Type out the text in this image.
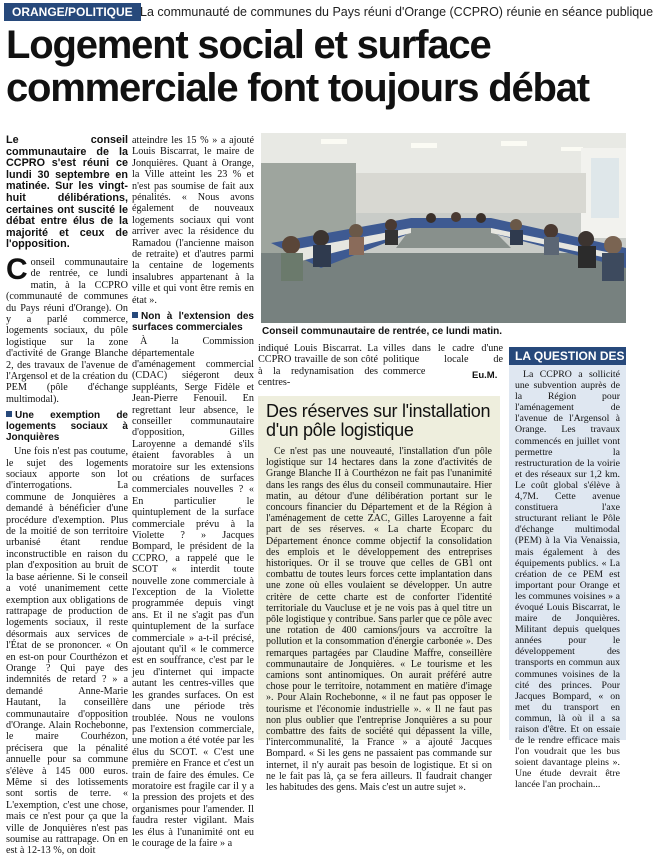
ORANGE/POLITIQUE La communauté de communes du Pays réuni d'Orange (CCPRO) réunie en séance publique
Logement social et surface
commerciale font toujours débat

Le conseil communautaire de la CCPRO s'est réuni ce lundi 30 septembre en matinée. Sur les vingt-huit délibérations, certaines ont suscité le débat entre élus de la majorité et ceux de l'opposition.

Conseil communautaire de rentrée, ce lundi matin, à la CCPRO (communauté de communes du Pays réuni d'Orange). On y a parlé commerce, logements sociaux, du pôle logistique sur la zone d'activité de Grange Blanche 2, des travaux de l'avenue de l'Argensol et de la création du PEM (pôle d'échange multimodal).

Une exemption de logements sociaux à Jonquières

Une fois n'est pas coutume, le sujet des logements sociaux apporte son lot d'interrogations. La commune de Jonquières a demandé à bénéficier d'une procédure d'exemption. Plus de la moitié de son territoire urbanisé étant rendue inconstructible en raison du plan d'exposition au bruit de la base aérienne. Si le conseil a voté unanimement cette exemption aux obligations de rattrapage de production de logements sociaux, il reste désormais aux services de l'État de se prononcer. « On en est-on pour Courthézon et Orange ? Qui paye des indemnités de retard ? » a demandé Anne-Marie Hautant, la conseillère communautaire d'opposition d'Orange. Alain Rochebonne, le maire Courhézon, précisera que la pénalité annuelle pour sa commune s'élève à 145 000 euros. Même si des lotissements sont sortis de terre. « L'exemption, c'est une chose, mais ce n'est pour ça que la ville de Jonquières n'est pas soumise au rattrapage. On en est à 12-13 %, on doit

atteindre les 15 % » a ajouté Louis Biscarrat, le maire de Jonquières. Quant à Orange, la Ville atteint les 23 % et n'est pas soumise de fait aux pénalités. « Nous avons également de nouveaux logements sociaux qui vont arriver avec la résidence du Ramadou (l'ancienne maison de retraite) et d'autres parmi la centaine de logements insalubres appartenant à la ville et qui vont être remis en état ».

Non à l'extension des surfaces commerciales

À la Commission départementale d'aménagement commercial (CDAC) siégeront deux suppléants, Serge Fidèle et Jean-Pierre Fenouil. En regrettant leur absence, le conseiller communautaire d'opposition, Gilles Laroyenne a demandé s'ils étaient favorables à un moratoire sur les extensions ou créations de surfaces commerciales nouvelles ? « En particulier le quintuplement de la surface commerciale prévu à la Violette ? » Jacques Bompard, le président de la CCPRO, a rappelé que le SCOT « interdit toute nouvelle zone commerciale à l'exception de la Violette programmée depuis vingt ans. Et il ne s'agit pas d'un quintuplement de la surface commerciale » a-t-il précisé, ajoutant qu'il « le commerce est en souffrance, c'est par le jeu d'internet qui impacte autant les centres-villes que les grandes surfaces. On est dans une période très troublée. Nous ne voulons pas l'extension commerciale, une motion a été votée par les élus du SCOT. « C'est une première en France et c'est un train de faire des émules. Ce moratoire est fragile car il y a la pression des projets et des organismes pour l'amender. Il faudra rester vigilant. Mais les élus à l'unanimité ont eu le courage de la faire » a

Conseil communautaire de rentrée, ce lundi matin.

indiqué Louis Biscarrat. La CCPRO travaille de son côté à la redynamisation des centres-

villes dans le cadre d'une politique locale de commerce	Eu.M.
Des réserves sur l'installation d'un pôle logistique

Ce n'est pas une nouveauté, l'installation d'un pôle logistique sur 14 hectares dans la zone d'activités de Grange Blanche II à Courthézon ne fait pas l'unanimité dans les rangs des élus du conseil communautaire. Hier matin, au détour d'une délibération portant sur le concours financier du Département et de la Région à l'aménagement de cette ZAC, Gilles Laroyenne a fait part de ses réserves. « La charte Ecoparc du Département énonce comme objectif la consolidation des emplois et le développement des entreprises historiques. Or il se trouve que celles de GB1 ont combattu de toutes leurs forces cette implantation dans une zone où elles voulaient se développer. Un autre critère de cette charte est de conforter l'identité territoriale du Vaucluse et je ne vois pas à quel titre un pôle logistique y contribue. Sans parler que ce pôle avec une rotation de 400 camions/jours va accroître la pollution et la consommation d'énergie carbonée ». Des remarques partagées par Claudine Maffre, conseillère communautaire de Jonquières. « Le tourisme et les camions sont antinomiques. On aurait préféré autre chose pour le territoire, notamment en matière d'image ». Pour Alain Rochebonne, « il ne faut pas opposer le tourisme et l'économie industrielle ». « Il ne faut pas non plus oublier que l'entreprise Jonquières a su pour combattre des faits de société qui dépassent la ville, l'intercommunalité, la France » a ajouté Jacques Bompard. « Si les gens ne passaient pas commande sur internet, il n'y aurait pas besoin de logistique. Et si on ne le fait pas là, ça se fera ailleurs. Il faudrait changer les habitudes des gens. Mais c'est un autre sujet ».

LA QUESTION DES BUS

La CCPRO a sollicité une subvention auprès de la Région pour l'aménagement de l'avenue de l'Argensol à Orange. Les travaux commencés en juillet vont permettre la restructuration de la voirie et des réseaux sur 1,2 km. Le coût global s'élève à 4,7M. Cette avenue constituera l'axe structurant reliant le Pôle d'échange multimodal (PEM) à la Via Venaissia, mais également à des équipements publics. « La création de ce PEM est important pour Orange et les communes voisines » a évoqué Louis Biscarrat, le maire de Jonquières. Militant depuis quelques années pour le développement des transports en commun aux communes voisines de la cité des princes. Pour Jacques Bompard, « on met du transport en commun, là où il a sa raison d'être. Et on essaie de le rendre efficace mais l'on voudrait que les bus soient davantage pleins ». Une étude devrait être lancée l'an prochain...
